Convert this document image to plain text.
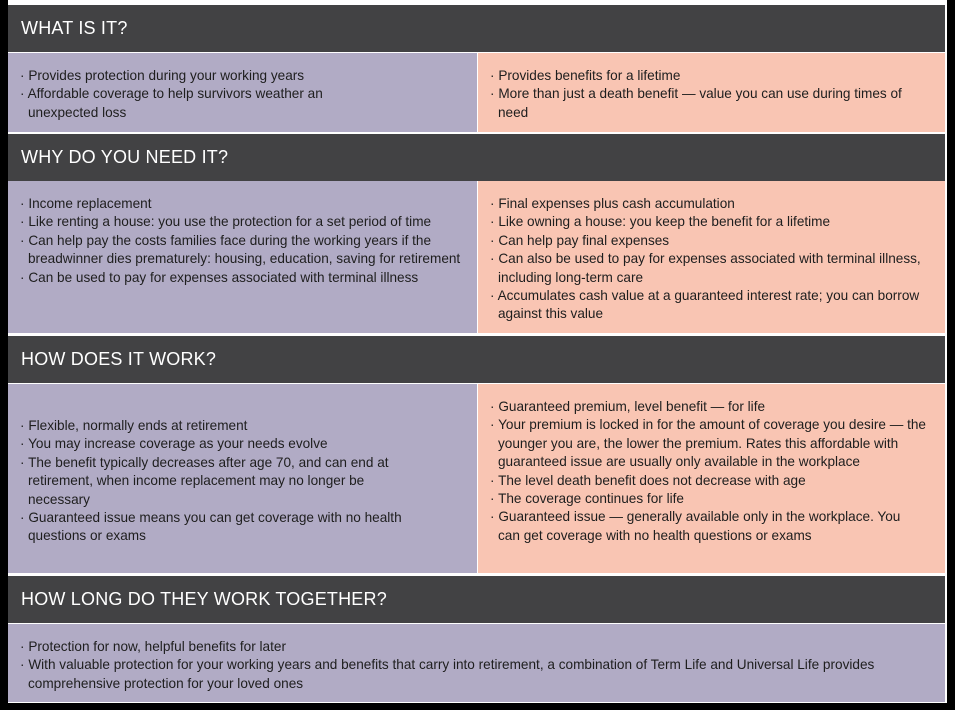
WHAT IS IT?
· Provides protection during your working years
· Affordable coverage to help survivors weather an unexpected loss
· Provides benefits for a lifetime
· More than just a death benefit — value you can use during times of need
WHY DO YOU NEED IT?
· Income replacement
· Like renting a house: you use the protection for a set period of time
· Can help pay the costs families face during the working years if the breadwinner dies prematurely: housing, education, saving for retirement
· Can be used to pay for expenses associated with terminal illness
· Final expenses plus cash accumulation
· Like owning a house: you keep the benefit for a lifetime
· Can help pay final expenses
· Can also be used to pay for expenses associated with terminal illness, including long-term care
· Accumulates cash value at a guaranteed interest rate; you can borrow against this value
HOW DOES IT WORK?
· Flexible, normally ends at retirement
· You may increase coverage as your needs evolve
· The benefit typically decreases after age 70, and can end at retirement, when income replacement may no longer be necessary
· Guaranteed issue means you can get coverage with no health questions or exams
· Guaranteed premium, level benefit — for life
· Your premium is locked in for the amount of coverage you desire — the younger you are, the lower the premium. Rates this affordable with guaranteed issue are usually only available in the workplace
· The level death benefit does not decrease with age
· The coverage continues for life
· Guaranteed issue — generally available only in the workplace. You can get coverage with no health questions or exams
HOW LONG DO THEY WORK TOGETHER?
· Protection for now, helpful benefits for later
· With valuable protection for your working years and benefits that carry into retirement, a combination of Term Life and Universal Life provides comprehensive protection for your loved ones
